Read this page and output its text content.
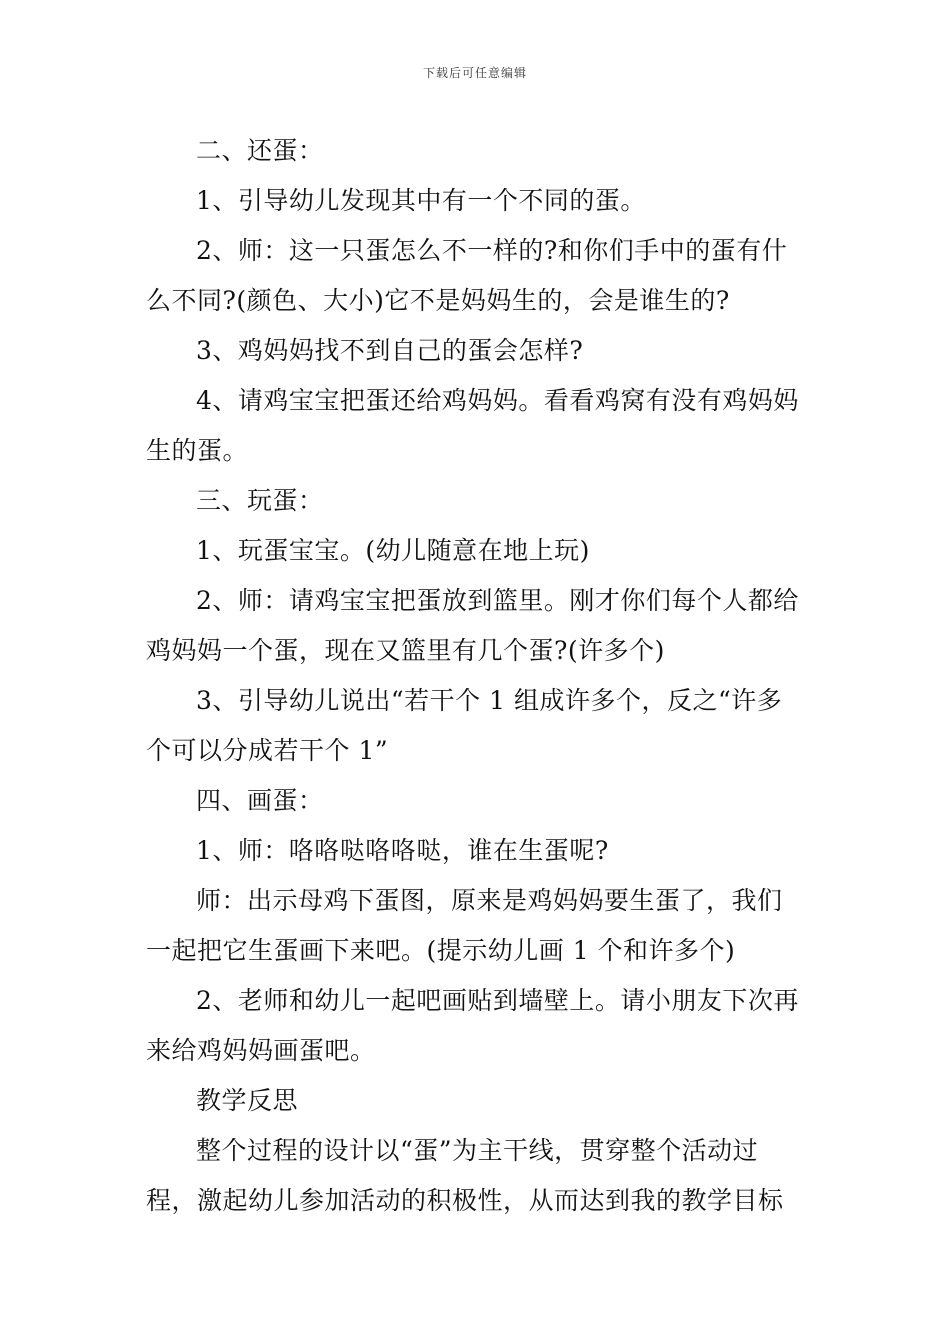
下载后可任意编辑
二、还蛋：
1、引导幼儿发现其中有一个不同的蛋。
2、师：这一只蛋怎么不一样的?和你们手中的蛋有什
么不同?(颜色、大小)它不是妈妈生的，会是谁生的?
3、鸡妈妈找不到自己的蛋会怎样?
4、请鸡宝宝把蛋还给鸡妈妈。看看鸡窝有没有鸡妈妈
生的蛋。
三、玩蛋：
1、玩蛋宝宝。(幼儿随意在地上玩)
2、师：请鸡宝宝把蛋放到篮里。刚才你们每个人都给
鸡妈妈一个蛋，现在又篮里有几个蛋?(许多个)
3、引导幼儿说出“若干个 1 组成许多个，反之“许多
个可以分成若干个 1”
四、画蛋：
1、师：咯咯哒咯咯哒，谁在生蛋呢?
师：出示母鸡下蛋图，原来是鸡妈妈要生蛋了，我们
一起把它生蛋画下来吧。(提示幼儿画 1 个和许多个)
2、老师和幼儿一起吧画贴到墙壁上。请小朋友下次再
来给鸡妈妈画蛋吧。
教学反思
整个过程的设计以“蛋”为主干线，贯穿整个活动过
程，激起幼儿参加活动的积极性，从而达到我的教学目标
